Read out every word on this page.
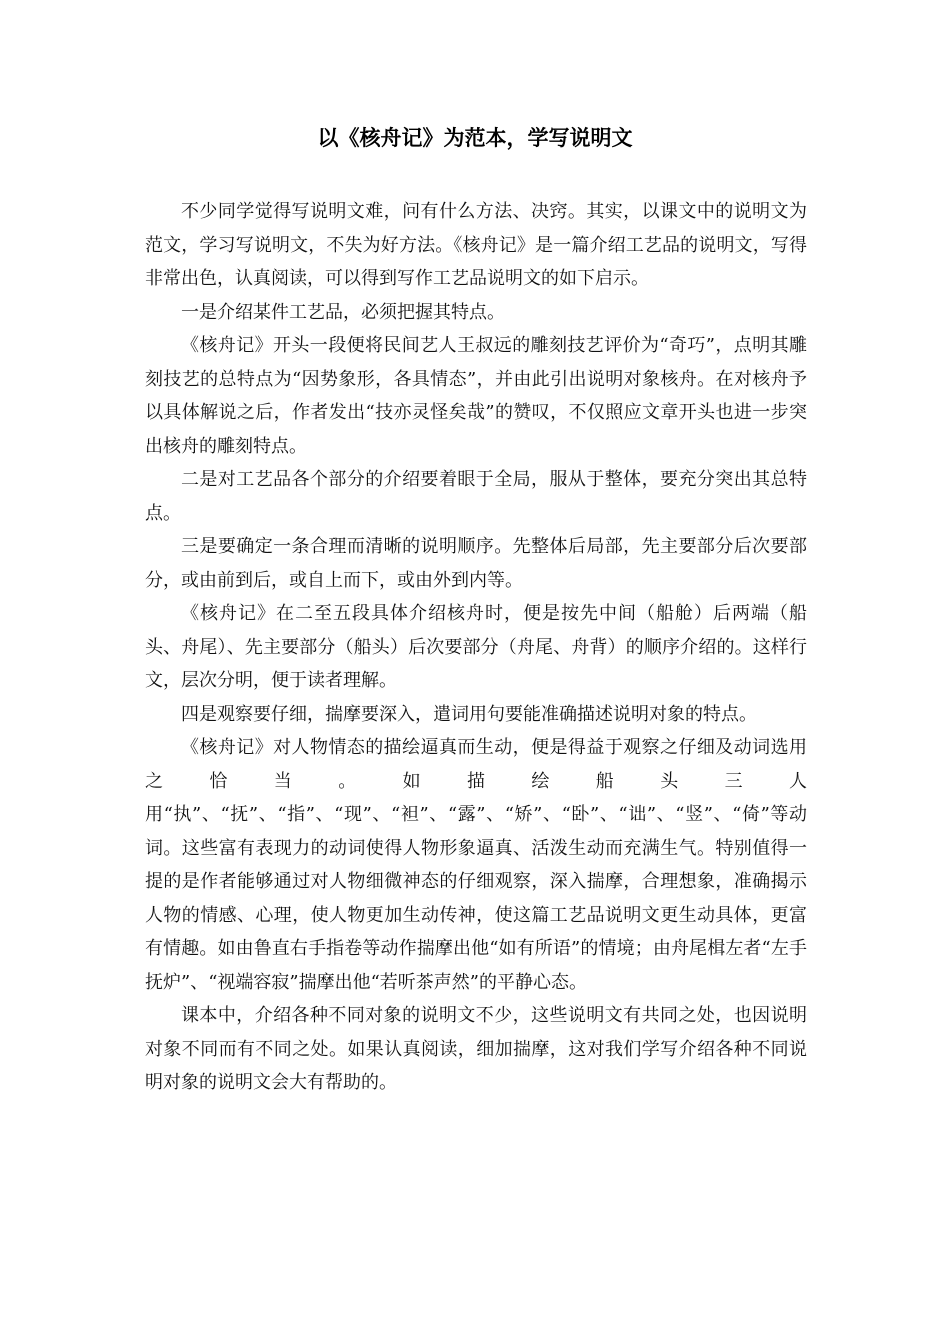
以《核舟记》为范本，学写说明文

不少同学觉得写说明文难，问有什么方法、决窍。其实，以课文中的说明文为范文，学习写说明文，不失为好方法。《核舟记》是一篇介绍工艺品的说明文，写得非常出色，认真阅读，可以得到写作工艺品说明文的如下启示。

一是介绍某件工艺品，必须把握其特点。

《核舟记》开头一段便将民间艺人王叔远的雕刻技艺评价为“奇巧”，点明其雕刻技艺的总特点为“因势象形，各具情态”，并由此引出说明对象核舟。在对核舟予以具体解说之后，作者发出“技亦灵怪矣哉”的赞叹，不仅照应文章开头也进一步突出核舟的雕刻特点。

二是对工艺品各个部分的介绍要着眼于全局，服从于整体，要充分突出其总特点。

三是要确定一条合理而清晰的说明顺序。先整体后局部，先主要部分后次要部分，或由前到后，或自上而下，或由外到内等。

《核舟记》在二至五段具体介绍核舟时，便是按先中间（船舱）后两端（船头、舟尾）、先主要部分（船头）后次要部分（舟尾、舟背）的顺序介绍的。这样行文，层次分明，便于读者理解。

四是观察要仔细，揣摩要深入，遣词用句要能准确描述说明对象的特点。

《核舟记》对人物情态的描绘逼真而生动，便是得益于观察之仔细及动词选用之恰当。如描绘船头三人用“执”、“抚”、“指”、“现”、“袒”、“露”、“矫”、“卧”、“诎”、“竖”、“倚”等动词。这些富有表现力的动词使得人物形象逼真、活泼生动而充满生气。特别值得一提的是作者能够通过对人物细微神态的仔细观察，深入揣摩，合理想象，准确揭示人物的情感、心理，使人物更加生动传神，使这篇工艺品说明文更生动具体，更富有情趣。如由鲁直右手指卷等动作揣摩出他“如有所语”的情境；由舟尾楫左者“左手抚炉”、“视端容寂”揣摩出他“若听茶声然”的平静心态。

课本中，介绍各种不同对象的说明文不少，这些说明文有共同之处，也因说明对象不同而有不同之处。如果认真阅读，细加揣摩，这对我们学写介绍各种不同说明对象的说明文会大有帮助的。
